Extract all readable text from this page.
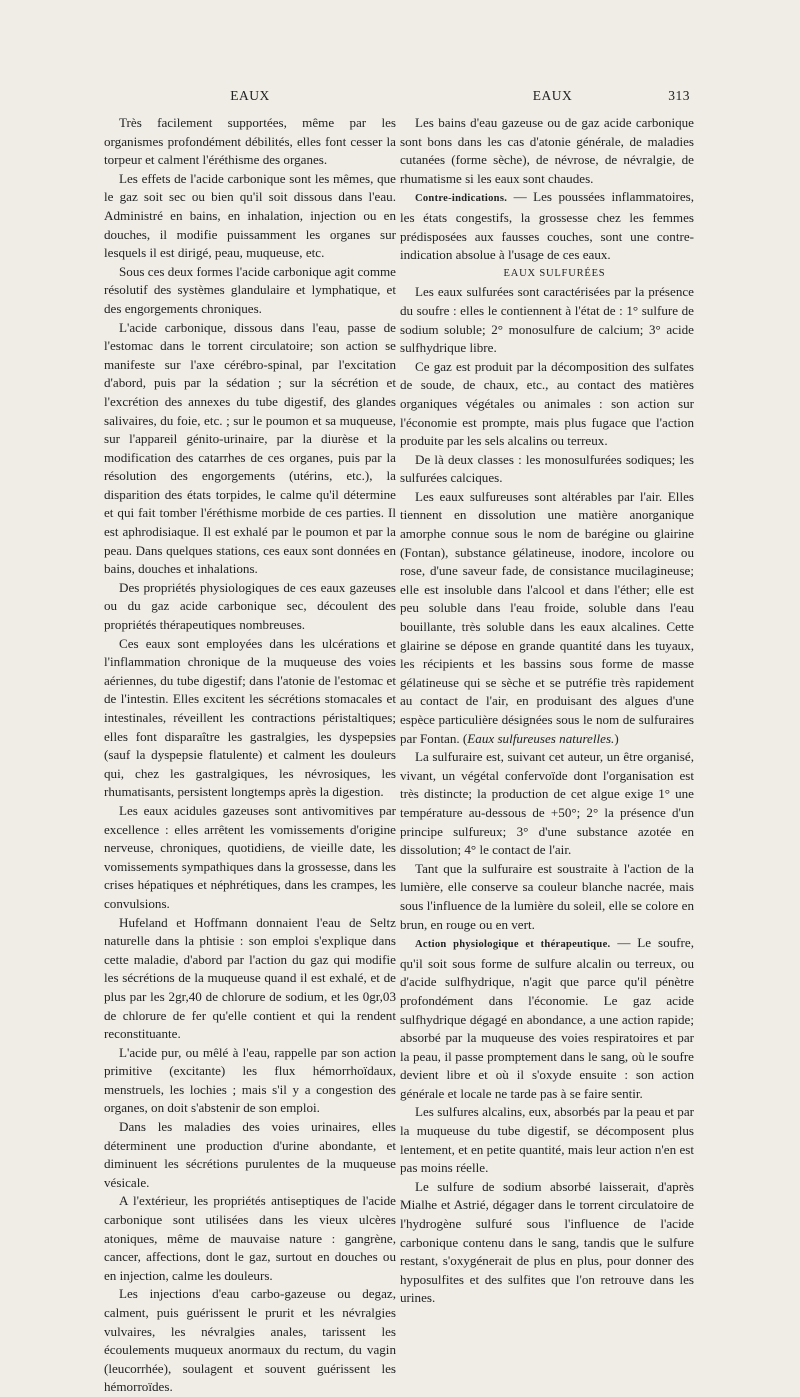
EAUX	EAUX	313

Très facilement supportées, même par les organismes profondément débilités, elles font cesser la torpeur et calment l'éréthisme des organes.

Les effets de l'acide carbonique sont les mêmes, que le gaz soit sec ou bien qu'il soit dissous dans l'eau. Administré en bains, en inhalation, injection ou en douches, il modifie puissamment les organes sur lesquels il est dirigé, peau, muqueuse, etc.

Sous ces deux formes l'acide carbonique agit comme résolutif des systèmes glandulaire et lymphatique, et des engorgements chroniques.

L'acide carbonique, dissous dans l'eau, passe de l'estomac dans le torrent circulatoire; son action se manifeste sur l'axe cérébro-spinal, par l'excitation d'abord, puis par la sédation ; sur la sécrétion et l'excrétion des annexes du tube digestif, des glandes salivaires, du foie, etc. ; sur le poumon et sa muqueuse, sur l'appareil génito-urinaire, par la diurèse et la modification des catarrhes de ces organes, puis par la résolution des engorgements (utérins, etc.), la disparition des états torpides, le calme qu'il détermine et qui fait tomber l'éréthisme morbide de ces parties. Il est aphrodisiaque. Il est exhalé par le poumon et par la peau. Dans quelques stations, ces eaux sont données en bains, douches et inhalations.

Des propriétés physiologiques de ces eaux gazeuses ou du gaz acide carbonique sec, découlent des propriétés thérapeutiques nombreuses.

Ces eaux sont employées dans les ulcérations et l'inflammation chronique de la muqueuse des voies aériennes, du tube digestif; dans l'atonie de l'estomac et de l'intestin. Elles excitent les sécrétions stomacales et intestinales, réveillent les contractions péristaltiques; elles font disparaître les gastralgies, les dyspepsies (sauf la dyspepsie flatulente) et calment les douleurs qui, chez les gastralgiques, les névrosiques, les rhumatisants, persistent longtemps après la digestion.

Les eaux acidules gazeuses sont antivomitives par excellence : elles arrêtent les vomissements d'origine nerveuse, chroniques, quotidiens, de vieille date, les vomissements sympathiques dans la grossesse, dans les crises hépatiques et néphrétiques, dans les crampes, les convulsions.

Hufeland et Hoffmann donnaient l'eau de Seltz naturelle dans la phtisie : son emploi s'explique dans cette maladie, d'abord par l'action du gaz qui modifie les sécrétions de la muqueuse quand il est exhalé, et de plus par les 2gr,40 de chlorure de sodium, et les 0gr,03 de chlorure de fer qu'elle contient et qui la rendent reconstituante.

L'acide pur, ou mêlé à l'eau, rappelle par son action primitive (excitante) les flux hémorrhoïdaux, menstruels, les lochies ; mais s'il y a congestion des organes, on doit s'abstenir de son emploi.

Dans les maladies des voies urinaires, elles déterminent une production d'urine abondante, et diminuent les sécrétions purulentes de la muqueuse vésicale.

A l'extérieur, les propriétés antiseptiques de l'acide carbonique sont utilisées dans les vieux ulcères atoniques, même de mauvaise nature : gangrène, cancer, affections, dont le gaz, surtout en douches ou en injection, calme les douleurs.

Les injections d'eau carbo-gazeuse ou degaz, calment, puis guérissent le prurit et les névralgies vulvaires, les névralgies anales, tarissent les écoulements muqueux anormaux du rectum, du vagin (leucorrhée), soulagent et souvent guérissent les hémorroïdes.

Les bains d'eau gazeuse ou de gaz acide carbonique sont bons dans les cas d'atonie générale, de maladies cutanées (forme sèche), de névrose, de névralgie, de rhumatisme si les eaux sont chaudes.

Contre-indications. — Les poussées inflammatoires, les états congestifs, la grossesse chez les femmes prédisposées aux fausses couches, sont une contre-indication absolue à l'usage de ces eaux.

EAUX SULFURÉES

Les eaux sulfurées sont caractérisées par la présence du soufre : elles le contiennent à l'état de : 1° sulfure de sodium soluble; 2° monosulfure de calcium; 3° acide sulfhydrique libre.

Ce gaz est produit par la décomposition des sulfates de soude, de chaux, etc., au contact des matières organiques végétales ou animales : son action sur l'économie est prompte, mais plus fugace que l'action produite par les sels alcalins ou terreux.

De là deux classes : les monosulfurées sodiques; les sulfurées calciques.

Les eaux sulfureuses sont altérables par l'air. Elles tiennent en dissolution une matière anorganique amorphe connue sous le nom de barégine ou glairine (Fontan), substance gélatineuse, inodore, incolore ou rose, d'une saveur fade, de consistance mucilagineuse; elle est insoluble dans l'alcool et dans l'éther; elle est peu soluble dans l'eau froide, soluble dans l'eau bouillante, très soluble dans les eaux alcalines. Cette glairine se dépose en grande quantité dans les tuyaux, les récipients et les bassins sous forme de masse gélatineuse qui se sèche et se putréfie très rapidement au contact de l'air, en produisant des algues d'une espèce particulière désignées sous le nom de sulfuraires par Fontan. (Eaux sulfureuses naturelles.)

La sulfuraire est, suivant cet auteur, un être organisé, vivant, un végétal confervoïde dont l'organisation est très distincte; la production de cet algue exige 1° une température au-dessous de +50°; 2° la présence d'un principe sulfureux; 3° d'une substance azotée en dissolution; 4° le contact de l'air.

Tant que la sulfuraire est soustraite à l'action de la lumière, elle conserve sa couleur blanche nacrée, mais sous l'influence de la lumière du soleil, elle se colore en brun, en rouge ou en vert.

Action physiologique et thérapeutique. — Le soufre, qu'il soit sous forme de sulfure alcalin ou terreux, ou d'acide sulfhydrique, n'agit que parce qu'il pénètre profondément dans l'économie. Le gaz acide sulfhydrique dégagé en abondance, a une action rapide; absorbé par la muqueuse des voies respiratoires et par la peau, il passe promptement dans le sang, où le soufre devient libre et où il s'oxyde ensuite : son action générale et locale ne tarde pas à se faire sentir.

Les sulfures alcalins, eux, absorbés par la peau et par la muqueuse du tube digestif, se décomposent plus lentement, et en petite quantité, mais leur action n'en est pas moins réelle.

Le sulfure de sodium absorbé laisserait, d'après Mialhe et Astrié, dégager dans le torrent circulatoire de l'hydrogène sulfuré sous l'influence de l'acide carbonique contenu dans le sang, tandis que le sulfure restant, s'oxygénerait de plus en plus, pour donner des hyposulfites et des sulfites que l'on retrouve dans les urines.
